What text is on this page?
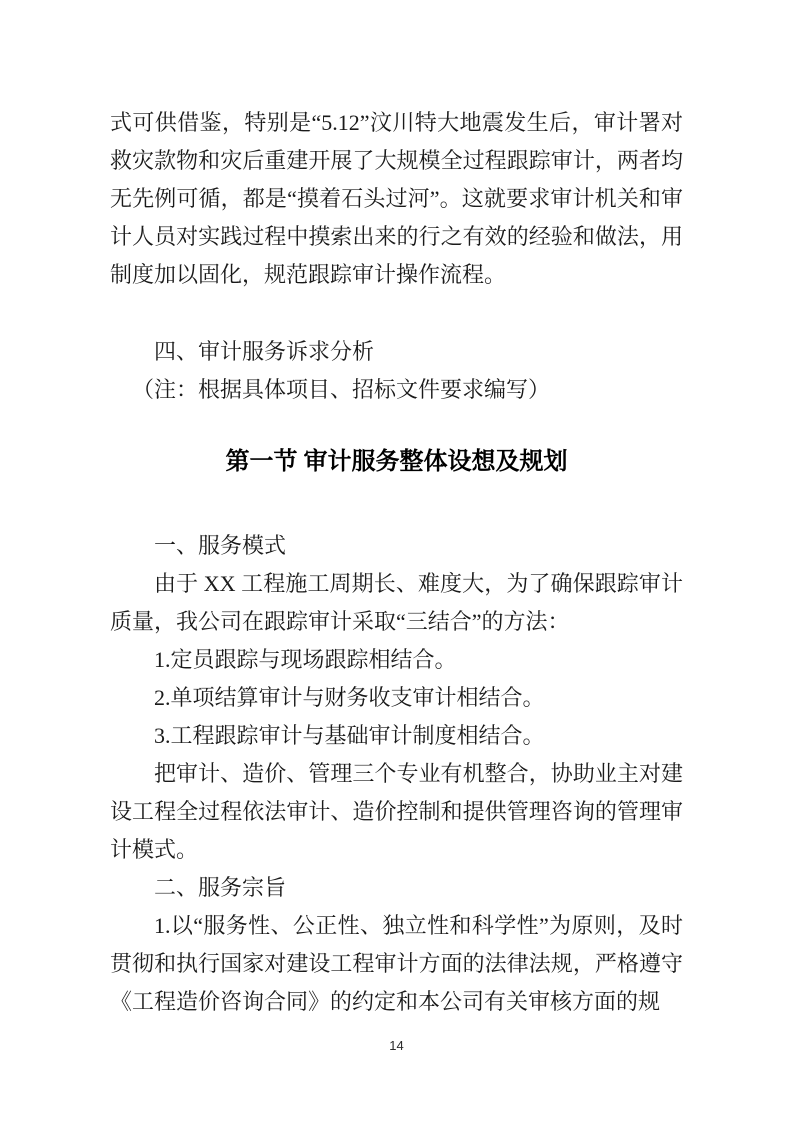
式可供借鉴，特别是“5.12”汶川特大地震发生后，审计署对救灾款物和灾后重建开展了大规模全过程跟踪审计，两者均无先例可循，都是“摸着石头过河”。这就要求审计机关和审计人员对实践过程中摸索出来的行之有效的经验和做法，用制度加以固化，规范跟踪审计操作流程。

四、审计服务诉求分析

（注：根据具体项目、招标文件要求编写）

第一节 审计服务整体设想及规划

一、服务模式

由于 XX 工程施工周期长、难度大，为了确保跟踪审计质量，我公司在跟踪审计采取“三结合”的方法：

1.定员跟踪与现场跟踪相结合。

2.单项结算审计与财务收支审计相结合。

3.工程跟踪审计与基础审计制度相结合。

把审计、造价、管理三个专业有机整合，协助业主对建设工程全过程依法审计、造价控制和提供管理咨询的管理审计模式。

二、服务宗旨

1.以“服务性、公正性、独立性和科学性”为原则，及时贯彻和执行国家对建设工程审计方面的法律法规，严格遵守《工程造价咨询合同》的约定和本公司有关审核方面的规

14
